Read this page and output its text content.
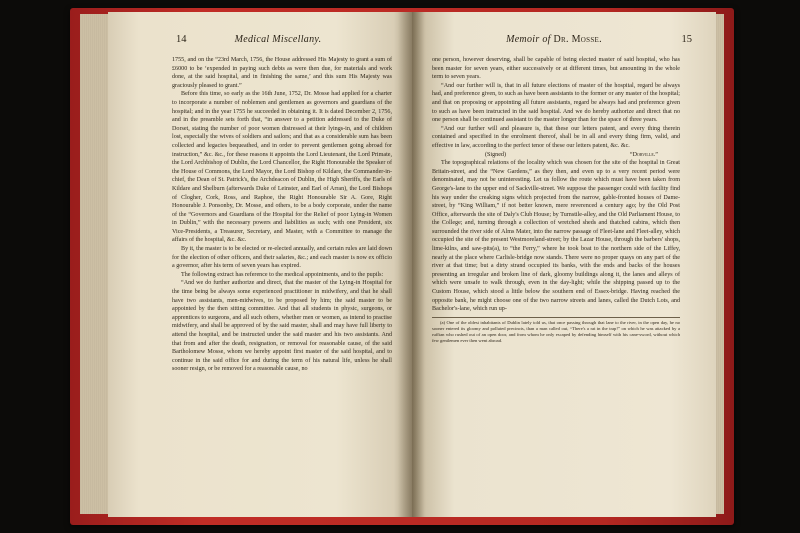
14	Medical Miscellany.

1755, and on the “23rd March, 1756, the House addressed His Majesty to grant a sum of £6000 to be ‘expended in paying such debts as were then due, for materials and work done, at the said hospital, and in finishing the same,’ and this sum His Majesty was graciously pleased to grant.”

Before this time, so early as the 16th June, 1752, Dr. Mosse had applied for a charter to incorporate a number of noblemen and gentlemen as governors and guardians of the hospital; and in the year 1755 he succeeded in obtaining it. It is dated December 2, 1756, and in the preamble sets forth that, “in answer to a petition addressed to the Duke of Dorset, stating the number of poor women distressed at their lyings-in, and of children lost, especially the wives of soldiers and sailors; and that as a considerable sum has been collected and legacies bequeathed, and in order to prevent gentlemen going abroad for instruction,” &c. &c., for these reasons it appoints the Lord Lieutenant, the Lord Primate, the Lord Archbishop of Dublin, the Lord Chancellor, the Right Honourable the Speaker of the House of Commons, the Lord Mayor, the Lord Bishop of Kildare, the Commander-in-chief, the Dean of St. Patrick's, the Archdeacon of Dublin, the High Sheriffs, the Earls of Kildare and Shelburn (afterwards Duke of Leinster, and Earl of Arran), the Lord Bishops of Clogher, Cork, Ross, and Raphoe, the Right Honourable Sir A. Gore, Right Honourable J. Ponsonby, Dr. Mosse, and others, to be a body corporate, under the name of the “Governors and Guardians of the Hospital for the Relief of poor Lying-in Women in Dublin,” with the necessary powers and liabilities as such; with one President, six Vice-Presidents, a Treasurer, Secretary, and Master, with a Committee to manage the affairs of the hospital, &c. &c.

By it, the master is to be elected or re-elected annually, and certain rules are laid down for the election of other officers, and their salaries, &c.; and each master is now ex officio a governor, after his term of seven years has expired.

The following extract has reference to the medical appointments, and to the pupils:

“And we do further authorize and direct, that the master of the Lying-in Hospital for the time being be always some experienced practitioner in midwifery, and that he shall have two assistants, men-midwives, to be proposed by him; the said master to be appointed by the then sitting committee. And that all students in physic, surgeons, or apprentices to surgeons, and all such others, whether men or women, as intend to practise midwifery, and shall be approved of by the said master, shall and may have full liberty to attend the hospital, and be instructed under the said master and his two assistants. And that from and after the death, resignation, or removal for reasonable cause, of the said Bartholomew Mosse, whom we hereby appoint first master of the said hospital, and to continue in the said office for and during the term of his natural life, unless he shall sooner resign, or be removed for a reasonable cause, no

Memoir of Dr. Mosse.	15

one person, however deserving, shall be capable of being elected master of said hospital, who has been master for seven years, either successively or at different times, but amounting in the whole term to seven years.

“And our further will is, that in all future elections of master of the hospital, regard be always had, and preference given, to such as have been assistants to the former or any master of the hospital; and that on proposing or appointing all future assistants, regard be always had and preference given to such as have been instructed in the said hospital. And we do hereby authorize and direct that no one person shall be continued assistant to the master longer than for the space of three years.

“And our further will and pleasure is, that these our letters patent, and every thing therein contained and specified in the enrolment thereof, shall be in all and every thing firm, valid, and effective in law, according to the perfect tenor of these our letters patent, &c. &c.

(Signed)	“Dorville.”

The topographical relations of the locality which was chosen for the site of the hospital in Great Britain-street, and the “New Gardens,” as they then, and even up to a very recent period were denominated, may not be uninteresting. Let us follow the route which must have been taken from George's-lane to the upper end of Sackville-street. We suppose the passenger could with facility find his way under the creaking signs which projected from the narrow, gable-fronted houses of Dame-street, by “King William,” if not better known, mere reverenced a century ago; by the Old Post Office, afterwards the site of Daly's Club House; by Turnstile-alley, and the Old Parliament House, to the College; and, turning through a collection of wretched sheds and thatched cabins, which then surrounded the river side of Alms Mater, into the narrow passage of Fleet-lane and Fleet-alley, which occupied the site of the present Westmoreland-street; by the Lazar House, through the barbers' shops, lime-kilns, and saw-pits(a), to “the Ferry,” where he took boat to the northern side of the Liffey, nearly at the place where Carlisle-bridge now stands. There were no proper quays on any part of the river at that time; but a dirty strand occupied its banks, with the ends and backs of the houses presenting an irregular and broken line of dark, gloomy buildings along it, the lanes and alleys of which were unsafe to walk through, even in the day-light; while the shipping passed up to the Custom House, which stood a little below the southern end of Essex-bridge. Having reached the opposite bank, he might choose one of the two narrow streets and lanes, called the Dutch Lots, and Bachelor's-lane, which run up-

(a) One of the oldest inhabitants of Dublin lately told us, that once passing through that lane to the river, in the open day, he no sooner entered its gloomy and polluted precincts, than a man called out, “There's a rat in the trap!” on which he was attacked by a ruffian who rushed out of an open door, and from whom he only escaped by defending himself with his cane-sword, without which few gentlemen ever then went abroad.
